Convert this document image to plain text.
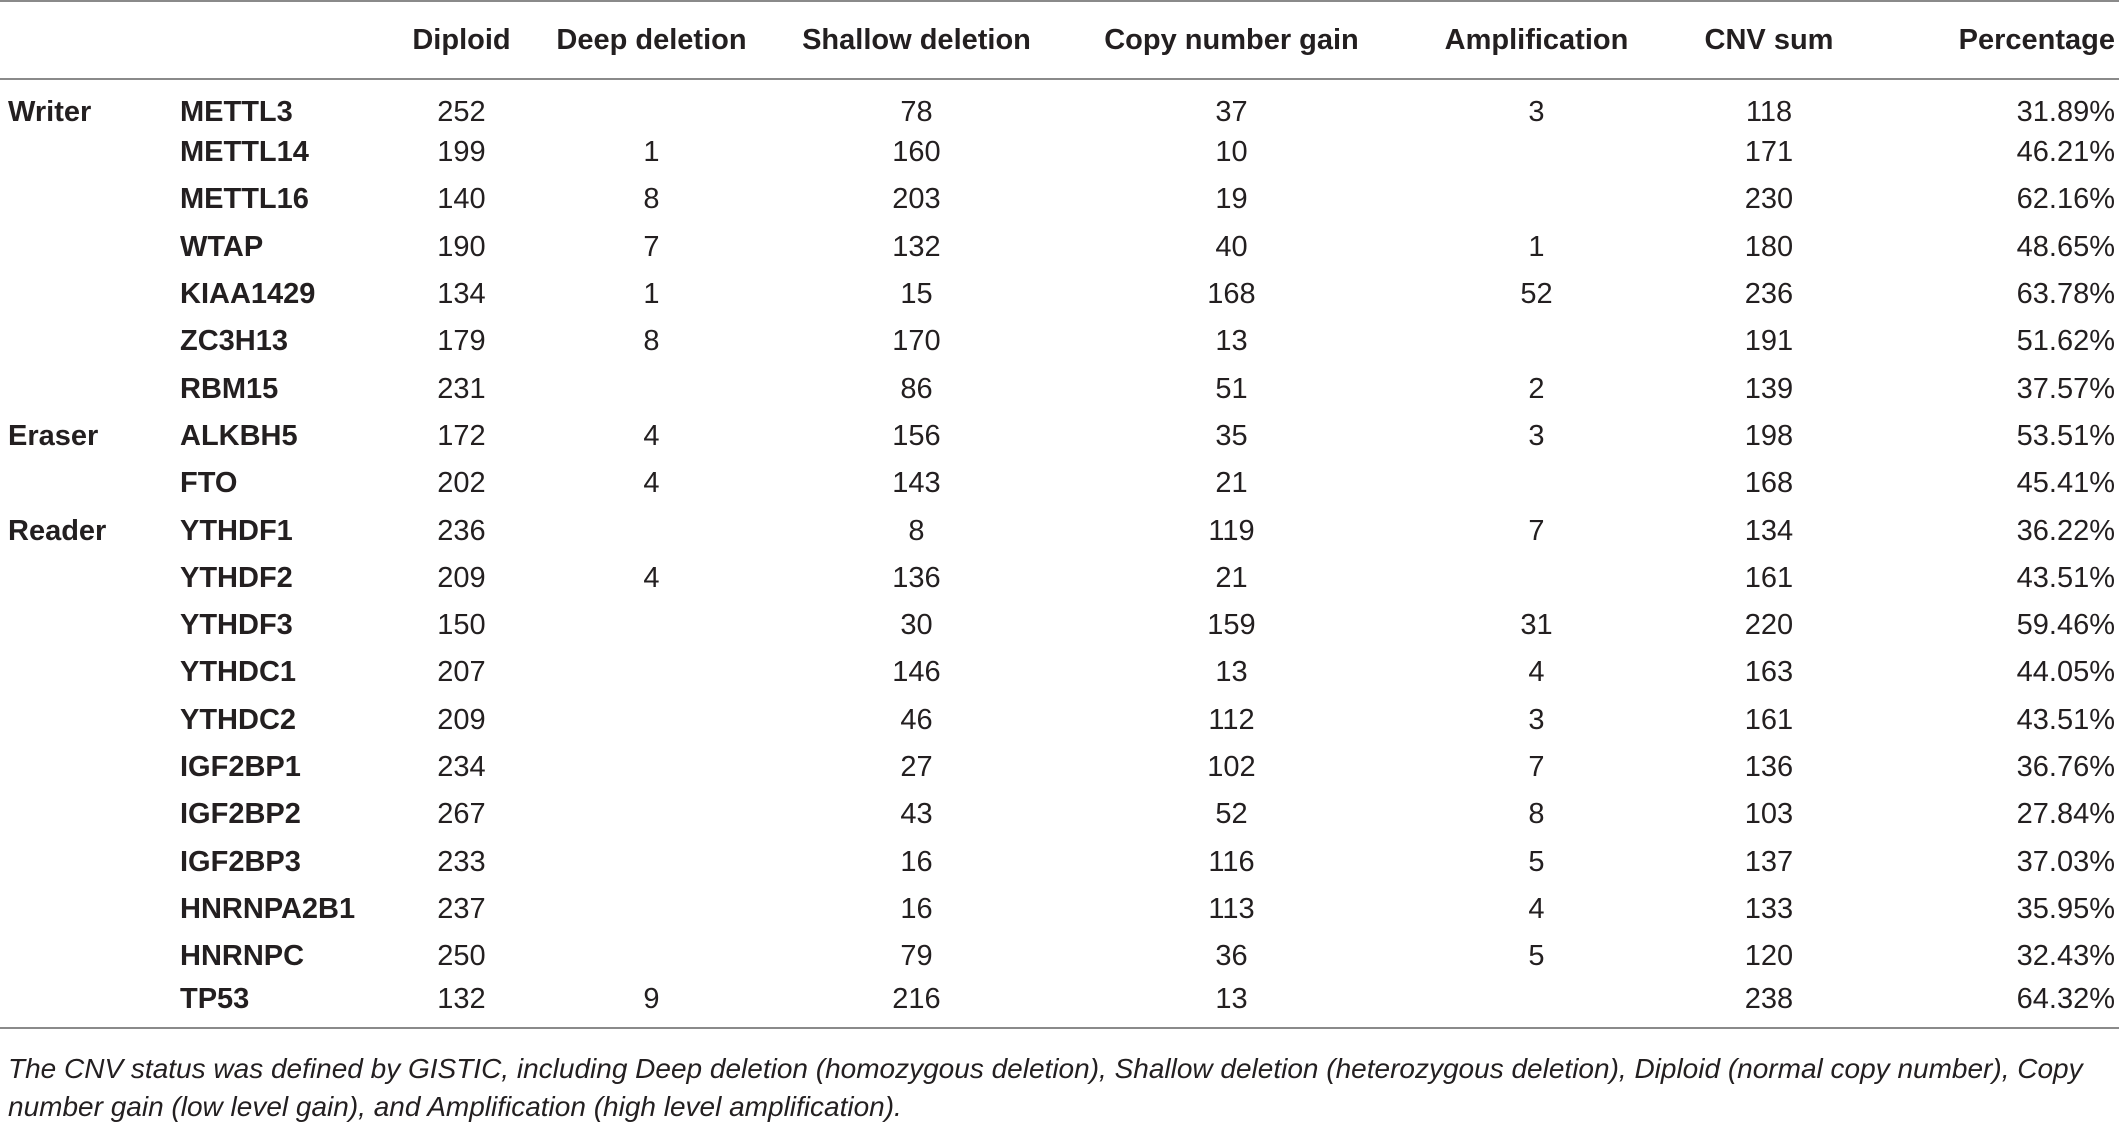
		Diploid	Deep deletion	Shallow deletion	Copy number gain	Amplification	CNV sum	Percentage
Writer	METTL3	252		78	37	3	118	31.89%
	METTL14	199	1	160	10		171	46.21%
	METTL16	140	8	203	19		230	62.16%
	WTAP	190	7	132	40	1	180	48.65%
	KIAA1429	134	1	15	168	52	236	63.78%
	ZC3H13	179	8	170	13		191	51.62%
	RBM15	231		86	51	2	139	37.57%
Eraser	ALKBH5	172	4	156	35	3	198	53.51%
	FTO	202	4	143	21		168	45.41%
Reader	YTHDF1	236		8	119	7	134	36.22%
	YTHDF2	209	4	136	21		161	43.51%
	YTHDF3	150		30	159	31	220	59.46%
	YTHDC1	207		146	13	4	163	44.05%
	YTHDC2	209		46	112	3	161	43.51%
	IGF2BP1	234		27	102	7	136	36.76%
	IGF2BP2	267		43	52	8	103	27.84%
	IGF2BP3	233		16	116	5	137	37.03%
	HNRNPA2B1	237		16	113	4	133	35.95%
	HNRNPC	250		79	36	5	120	32.43%
	TP53	132	9	216	13		238	64.32%
The CNV status was defined by GISTIC, including Deep deletion (homozygous deletion), Shallow deletion (heterozygous deletion), Diploid (normal copy number), Copy number gain (low level gain), and Amplification (high level amplification).
